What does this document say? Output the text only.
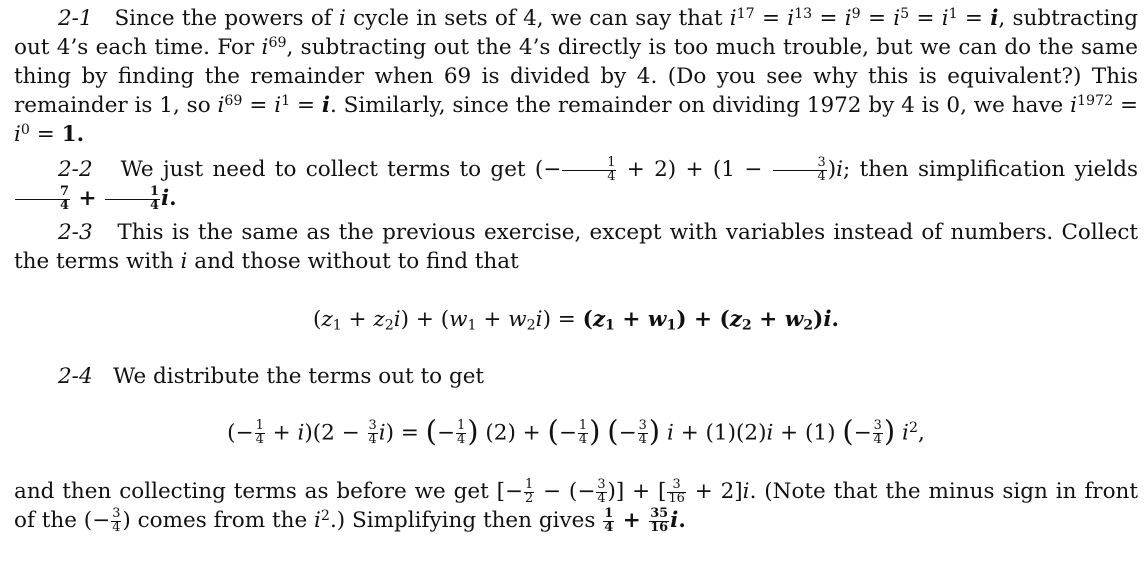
2-1 Since the powers of i cycle in sets of 4, we can say that $i^{17} = i^{13} = i^9 = i^5 = i^1 = i$, subtracting out 4’s each time. For $i^{69}$, subtracting out the 4’s directly is too much trouble, but we can do the same thing by finding the remainder when 69 is divided by 4. (Do you see why this is equivalent?) This remainder is 1, so $i^{69} = i^1 = i$. Similarly, since the remainder on dividing 1972 by 4 is 0, we have $i^{1972} = i^0 = 1$.

2-2 We just need to collect terms to get (− $\frac{1}{4} + 2) + (1 - \frac{3}{4} )i$; then simplification yields
$\frac{7}{4} + \frac{1}{4} i$.

2-3 This is the same as the previous exercise, except with variables instead of numbers. Collect the terms with i and those without to find that

$(z_1 + z_2i) + (w_1 + w_2i) = (z_1 + w_1) + (z_2 + w_2)i$.

2-4 We distribute the terms out to get

(− $\frac{1}{4} + i)(2 - \frac{3}{4} i)$ = (− $\frac{1}{4}$ ) (2) + (− $\frac{1}{4}$ ) (− $\frac{3}{4}$ ) i + (1)(2)i + (1) (− $\frac{3}{4}$ ) $i^2$,

and then collecting terms as before we get [− $\frac{1}{2}$ − (− $\frac{3}{4}$ )] + [ $\frac{3}{16} + 2]i$. (Note that the minus sign in front of the (− $\frac{3}{4}$ ) comes from the $i^2$.) Simplifying then gives $\frac{1}{4} + \frac{35}{16} i$.
